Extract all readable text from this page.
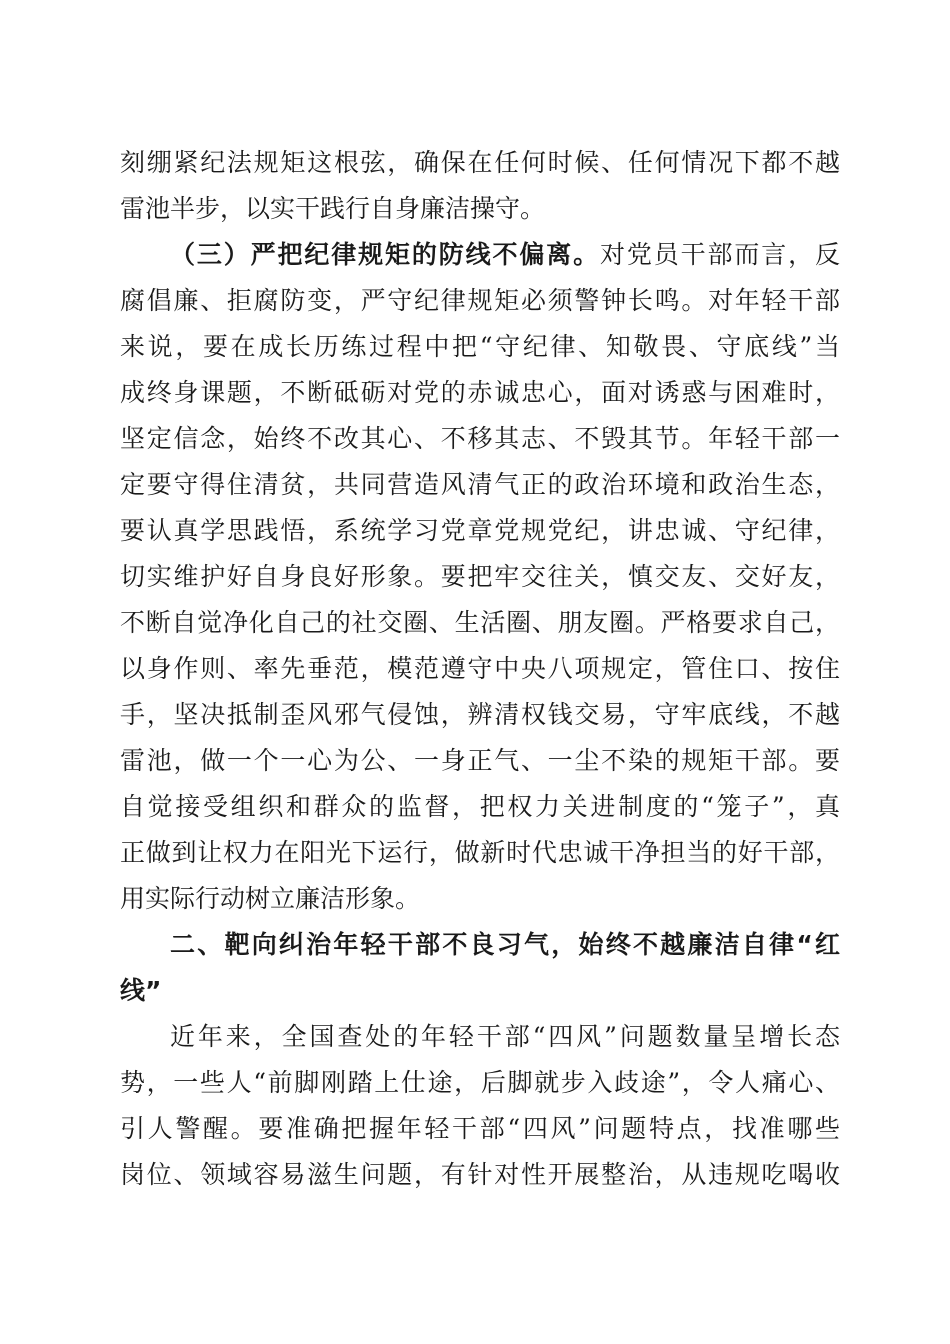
刻绷紧纪法规矩这根弦，确保在任何时候、任何情况下都不越
雷池半步，以实干践行自身廉洁操守。
（三）严把纪律规矩的防线不偏离。对党员干部而言，反
腐倡廉、拒腐防变，严守纪律规矩必须警钟长鸣。对年轻干部
来说，要在成长历练过程中把“守纪律、知敬畏、守底线”当
成终身课题，不断砥砺对党的赤诚忠心，面对诱惑与困难时，
坚定信念，始终不改其心、不移其志、不毁其节。年轻干部一
定要守得住清贫，共同营造风清气正的政治环境和政治生态，
要认真学思践悟，系统学习党章党规党纪，讲忠诚、守纪律，
切实维护好自身良好形象。要把牢交往关，慎交友、交好友，
不断自觉净化自己的社交圈、生活圈、朋友圈。严格要求自己，
以身作则、率先垂范，模范遵守中央八项规定，管住口、按住
手，坚决抵制歪风邪气侵蚀，辨清权钱交易，守牢底线，不越
雷池，做一个一心为公、一身正气、一尘不染的规矩干部。要
自觉接受组织和群众的监督，把权力关进制度的“笼子”，真
正做到让权力在阳光下运行，做新时代忠诚干净担当的好干部，
用实际行动树立廉洁形象。
二、靶向纠治年轻干部不良习气，始终不越廉洁自律“红
线”
近年来，全国查处的年轻干部“四风”问题数量呈增长态
势，一些人“前脚刚踏上仕途，后脚就步入歧途”，令人痛心、
引人警醒。要准确把握年轻干部“四风”问题特点，找准哪些
岗位、领域容易滋生问题，有针对性开展整治，从违规吃喝收
